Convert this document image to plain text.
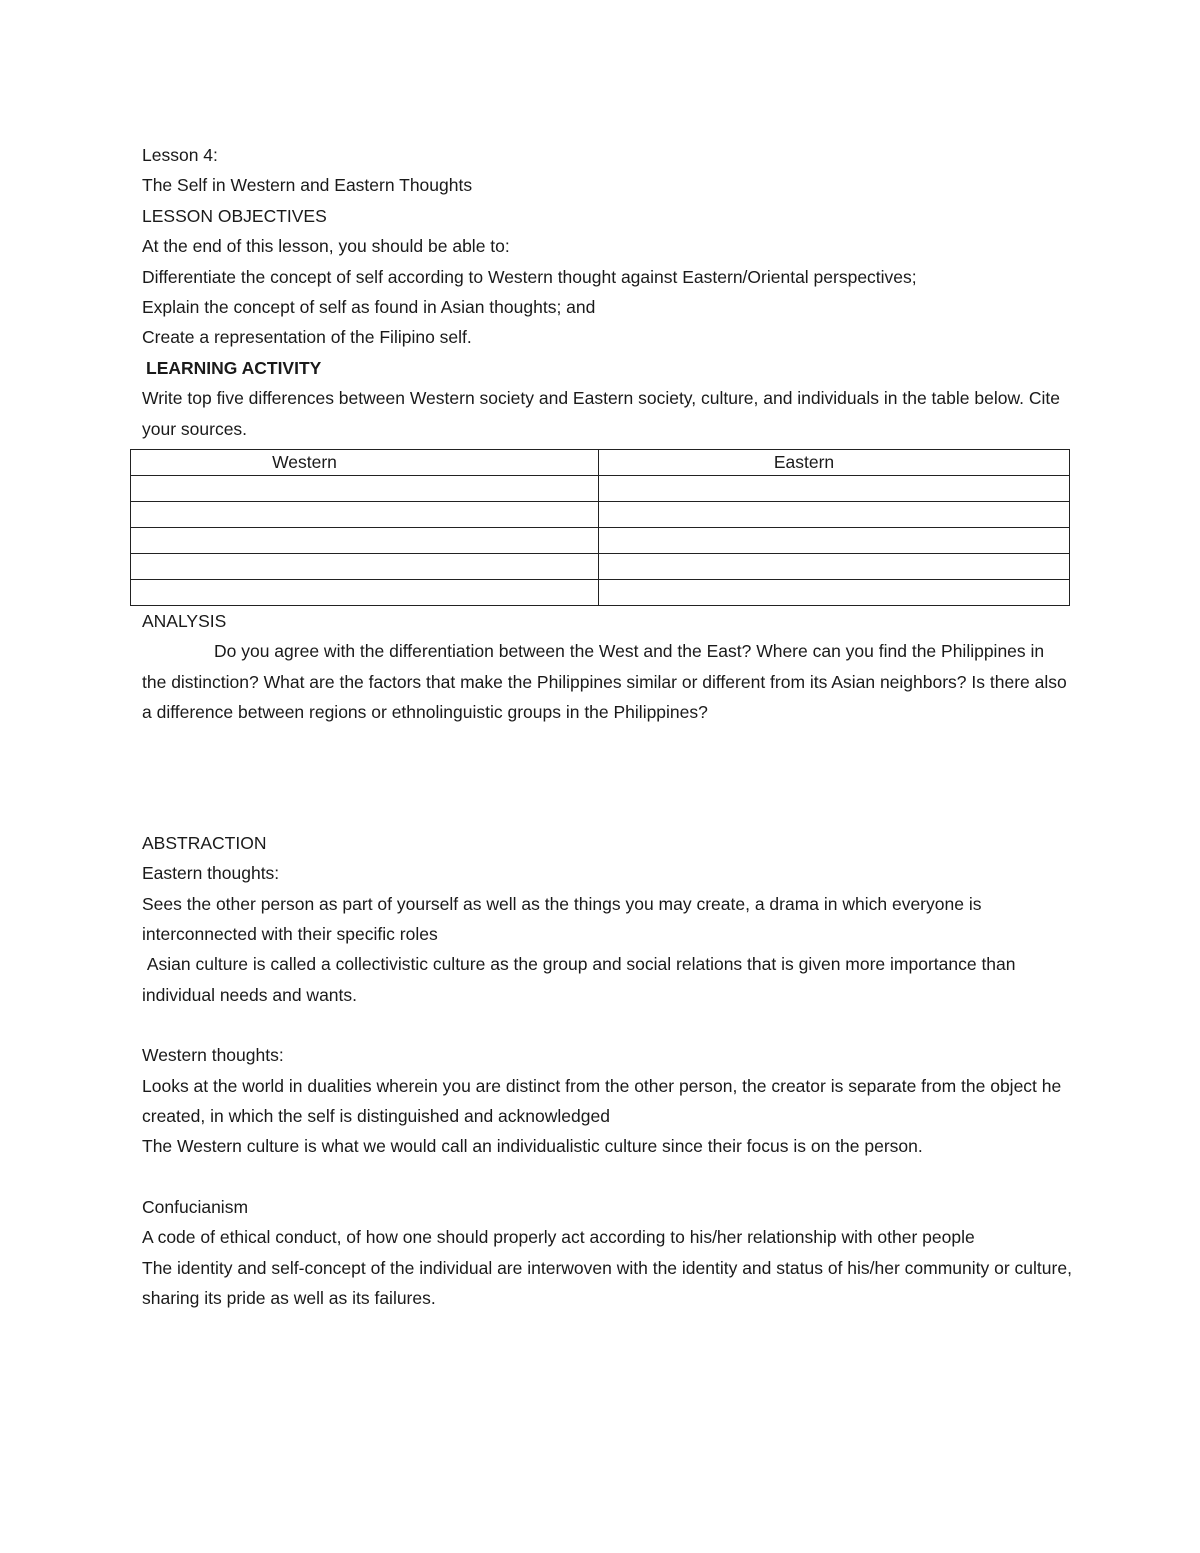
Lesson 4:

The Self in Western and Eastern Thoughts

LESSON OBJECTIVES

At the end of this lesson, you should be able to:

Differentiate the concept of self according to Western thought against Eastern/Oriental perspectives;

Explain the concept of self as found in Asian thoughts; and

Create a representation of the Filipino self.

LEARNING ACTIVITY

Write top five differences between Western society and Eastern society, culture, and individuals in the table below. Cite your sources.

Western	Eastern

ANALYSIS

Do you agree with the differentiation between the West and the East? Where can you find the Philippines in the distinction? What are the factors that make the Philippines similar or different from its Asian neighbors? Is there also a difference between regions or ethnolinguistic groups in the Philippines?

ABSTRACTION

Eastern thoughts:

Sees the other person as part of yourself as well as the things you may create, a drama in which everyone is interconnected with their specific roles

Asian culture is called a collectivistic culture as the group and social relations that is given more importance than individual needs and wants.

Western thoughts:

Looks at the world in dualities wherein you are distinct from the other person, the creator is separate from the object he created, in which the self is distinguished and acknowledged

The Western culture is what we would call an individualistic culture since their focus is on the person.

Confucianism

A code of ethical conduct, of how one should properly act according to his/her relationship with other people

The identity and self-concept of the individual are interwoven with the identity and status of his/her community or culture, sharing its pride as well as its failures.
